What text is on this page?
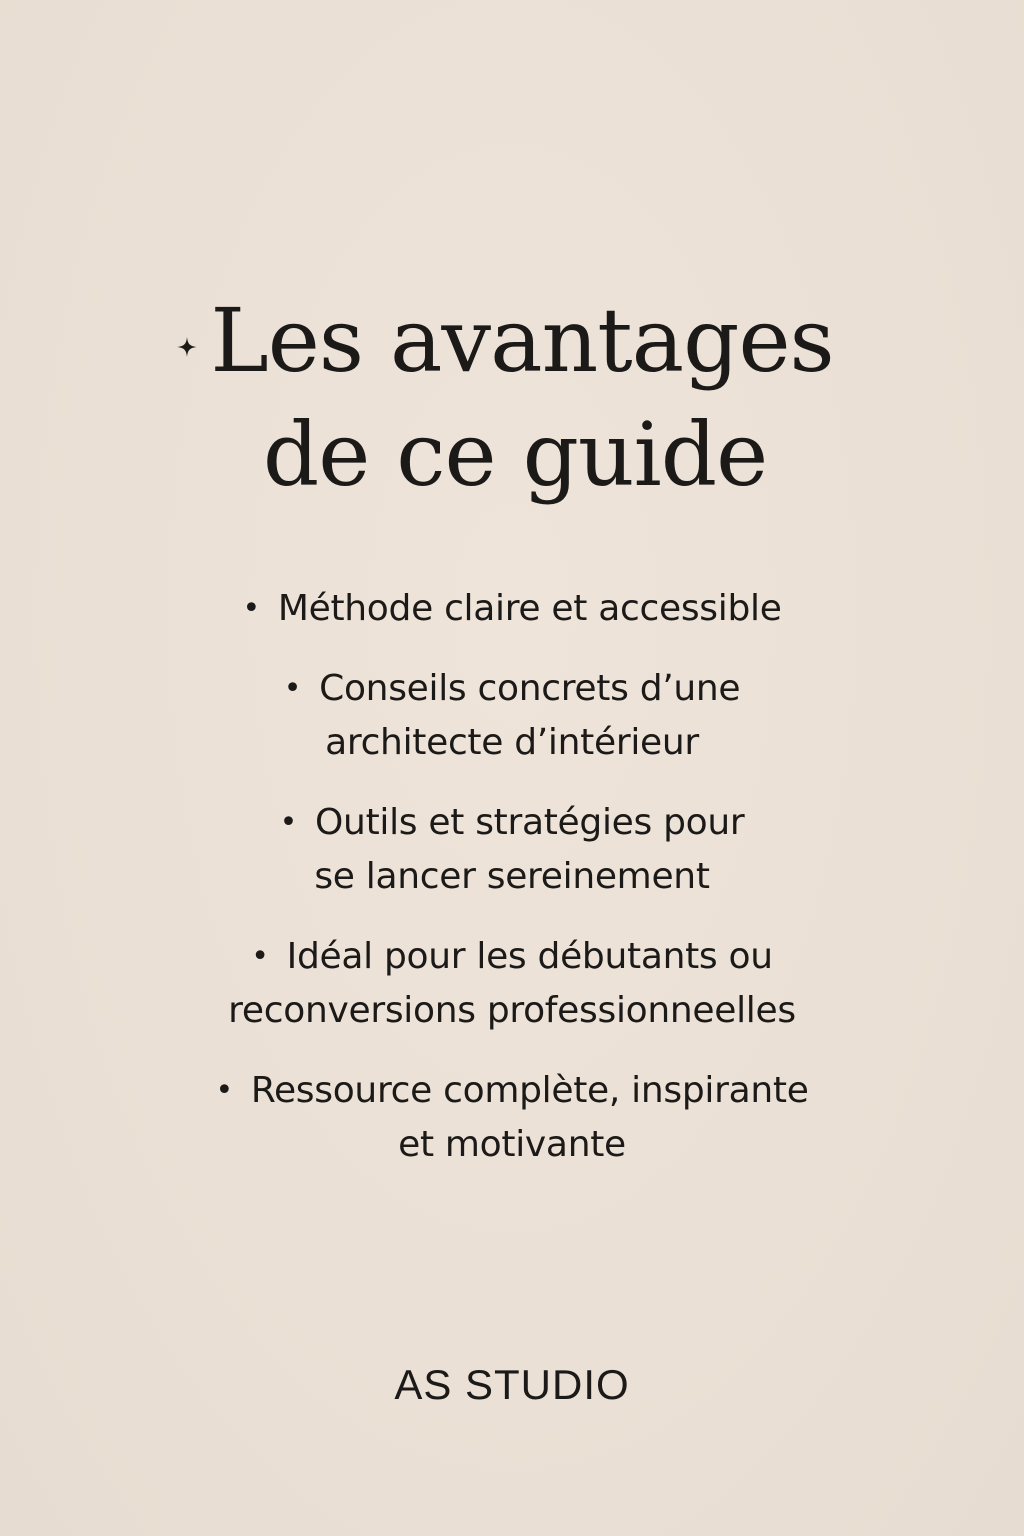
Les avantages
de ce guide
• Méthode claire et accessible
• Conseils concrets d’une
architecte d’intérieur
• Outils et stratégies pour
se lancer sereinement
• Idéal pour les débutants ou
reconversions professionneelles
• Ressource complète, inspirante
et motivante
AS STUDIO
